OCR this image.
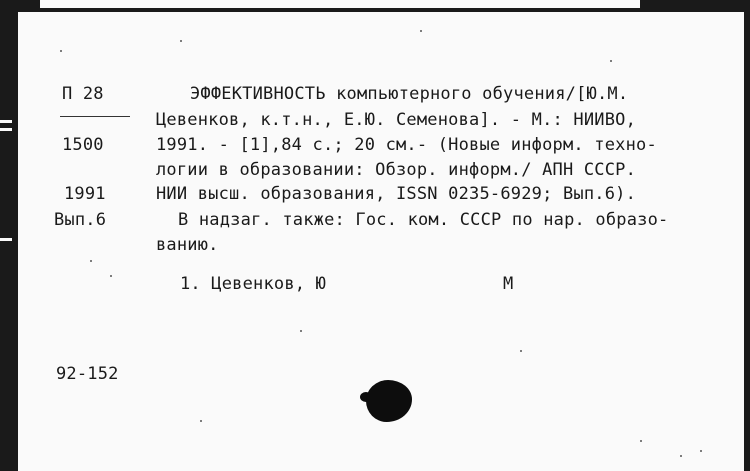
П 28
1500
1991
Вып.6
ЭФФЕКТИВНОСТЬ компьютерного обучения/[Ю.М.
Цевенков, к.т.н., Е.Ю. Семенова]. - М.: НИИВО,
1991. - [1],84 с.; 20 см.- (Новые информ. техно-
логии в образовании: Обзор. информ./ АПН СССР.
НИИ высш. образования, ISSN 0235-6929; Вып.6).
В надзаг. также: Гос. ком. СССР по нар. образо-
ванию.
1. Цевенков, Ю	М
92-152
